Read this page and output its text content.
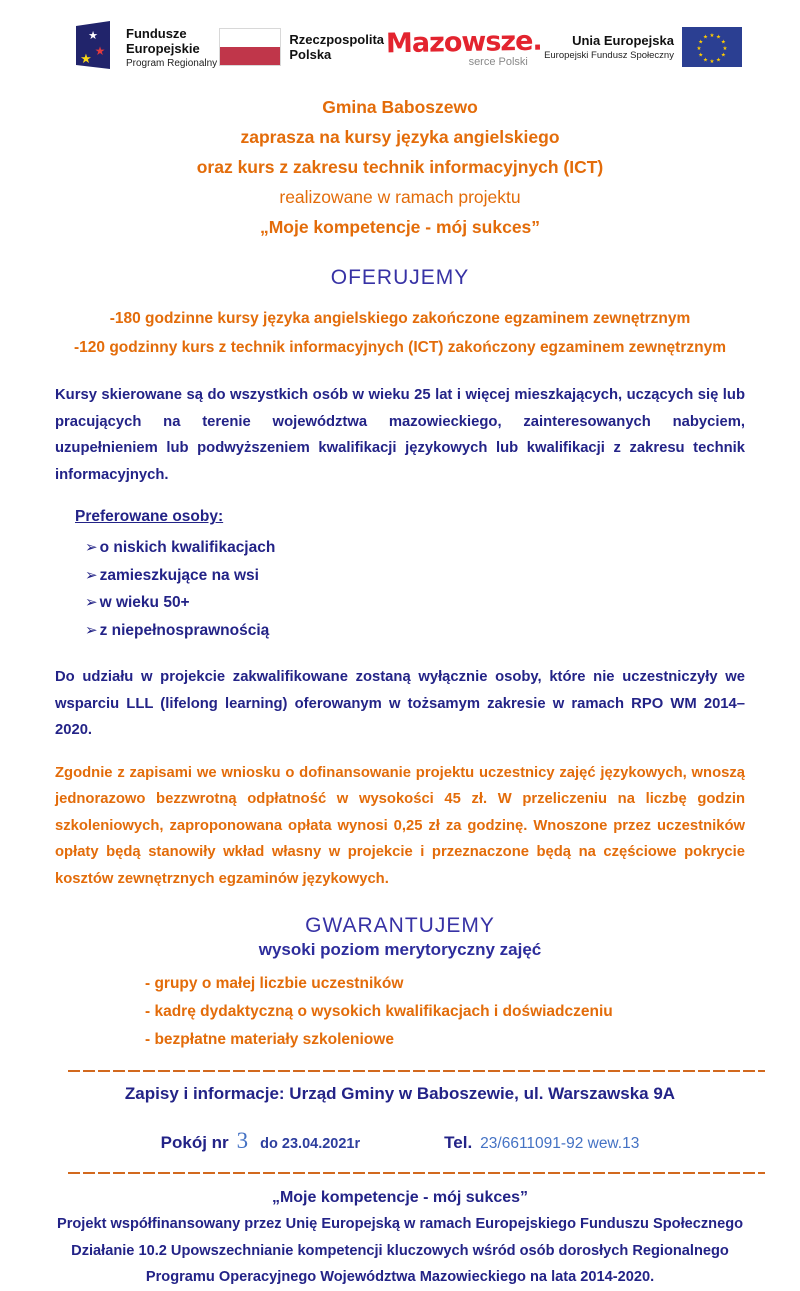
★
★
★
Fundusze
Europejskie
Program Regionalny
Rzeczpospolita
Polska	Mazowsze.
serce Polski
Unia Europejska
Europejski Fundusz Społeczny
★ ★
★
★
★
★
★
★
★
★
★
★
Gmina Baboszewo
zaprasza na kursy języka angielskiego
oraz kurs z zakresu technik informacyjnych (ICT)
realizowane w ramach projektu
„Moje kompetencje - mój sukces”
OFERUJEMY
-180 godzinne kursy języka angielskiego zakończone egzaminem zewnętrznym
-120 godzinny kurs z technik informacyjnych (ICT) zakończony egzaminem zewnętrznym
Kursy skierowane są do wszystkich osób w wieku 25 lat i więcej mieszkających, uczących się lub pracujących na terenie województwa mazowieckiego, zainteresowanych nabyciem, uzupełnieniem lub podwyższeniem kwalifikacji językowych lub kwalifikacji z zakresu technik informacyjnych.
Preferowane osoby:
➢ o niskich kwalifikacjach
➢ zamieszkujące na wsi
➢ w wieku 50+
➢ z niepełnosprawnością
Do udziału w projekcie zakwalifikowane zostaną wyłącznie osoby, które nie uczestniczyły we wsparciu LLL (lifelong learning) oferowanym w tożsamym zakresie w ramach RPO WM 2014–2020.
Zgodnie z zapisami we wniosku o dofinansowanie projektu uczestnicy zajęć językowych, wnoszą jednorazowo bezzwrotną odpłatność w wysokości 45 zł. W przeliczeniu na liczbę godzin szkoleniowych, zaproponowana opłata wynosi 0,25 zł za godzinę. Wnoszone przez uczestników opłaty będą stanowiły wkład własny w projekcie i przeznaczone będą na częściowe pokrycie kosztów zewnętrznych egzaminów językowych.
GWARANTUJEMY
wysoki poziom merytoryczny zajęć
- grupy o małej liczbie uczestników
- kadrę dydaktyczną o wysokich kwalifikacjach i doświadczeniu
- bezpłatne materiały szkoleniowe
Zapisy i informacje: Urząd Gminy w Baboszewie, ul. Warszawska 9A
Pokój nr 3 do 23.04.2021r	Tel. 23/6611091-92 wew.13
„Moje kompetencje - mój sukces”
Projekt współfinansowany przez Unię Europejską w ramach Europejskiego Funduszu Społecznego
Działanie 10.2 Upowszechnianie kompetencji kluczowych wśród osób dorosłych Regionalnego
Programu Operacyjnego Województwa Mazowieckiego na lata 2014-2020.
